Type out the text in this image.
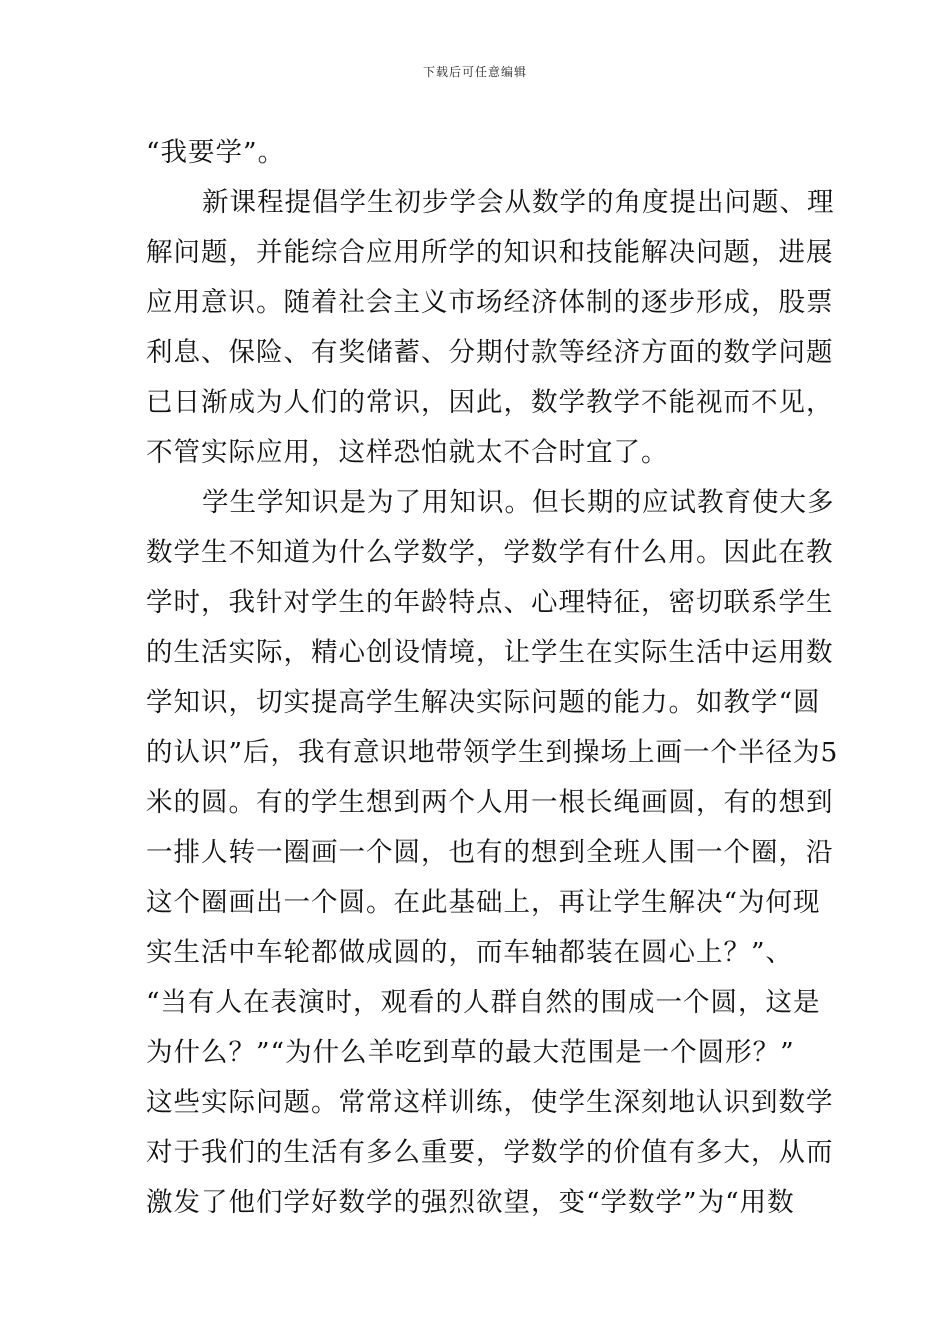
下载后可任意编辑
“我要学”。
新课程提倡学生初步学会从数学的角度提出问题、理
解问题，并能综合应用所学的知识和技能解决问题，进展
应用意识。随着社会主义市场经济体制的逐步形成，股票
利息、保险、有奖储蓄、分期付款等经济方面的数学问题
已日渐成为人们的常识，因此，数学教学不能视而不见，
不管实际应用，这样恐怕就太不合时宜了。
学生学知识是为了用知识。但长期的应试教育使大多
数学生不知道为什么学数学，学数学有什么用。因此在教
学时，我针对学生的年龄特点、心理特征，密切联系学生
的生活实际，精心创设情境，让学生在实际生活中运用数
学知识，切实提高学生解决实际问题的能力。如教学“圆
的认识”后，我有意识地带领学生到操场上画一个半径为5
米的圆。有的学生想到两个人用一根长绳画圆，有的想到
一排人转一圈画一个圆，也有的想到全班人围一个圈，沿
这个圈画出一个圆。在此基础上，再让学生解决“为何现
实生活中车轮都做成圆的，而车轴都装在圆心上？”、
“当有人在表演时，观看的人群自然的围成一个圆，这是
为什么？”“为什么羊吃到草的最大范围是一个圆形？”
这些实际问题。常常这样训练，使学生深刻地认识到数学
对于我们的生活有多么重要，学数学的价值有多大，从而
激发了他们学好数学的强烈欲望，变“学数学”为“用数
